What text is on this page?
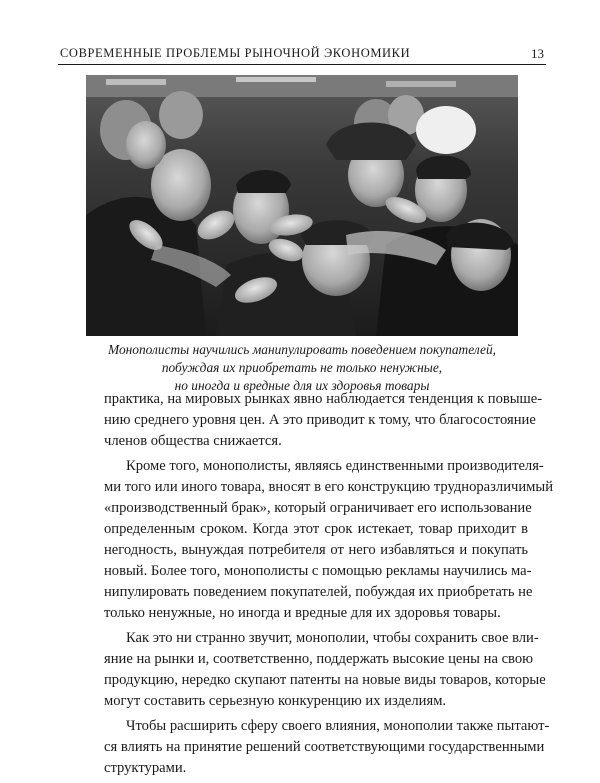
СОВРЕМЕННЫЕ ПРОБЛЕМЫ РЫНОЧНОЙ ЭКОНОМИКИ	13
Монополисты научились манипулировать поведением покупателей,
побуждая их приобретать не только ненужные,
но иногда и вредные для их здоровья товары
практика, на мировых рынках явно наблюдается тенденция к повыше-
нию среднего уровня цен. А это приводит к тому, что благосостояние
членов общества снижается.
Кроме того, монополисты, являясь единственными производителя-
ми того или иного товара, вносят в его конструкцию трудноразличимый
«производственный брак», который ограничивает его использование
определенным сроком. Когда этот срок истекает, товар приходит в
негодность, вынуждая потребителя от него избавляться и покупать
новый. Более того, монополисты с помощью рекламы научились ма-
нипулировать поведением покупателей, побуждая их приобретать не
только ненужные, но иногда и вредные для их здоровья товары.
Как это ни странно звучит, монополии, чтобы сохранить свое вли-
яние на рынки и, соответственно, поддержать высокие цены на свою
продукцию, нередко скупают патенты на новые виды товаров, которые
могут составить серьезную конкуренцию их изделиям.
Чтобы расширить сферу своего влияния, монополии также пытают-
ся влиять на принятие решений соответствующими государственными
структурами.
